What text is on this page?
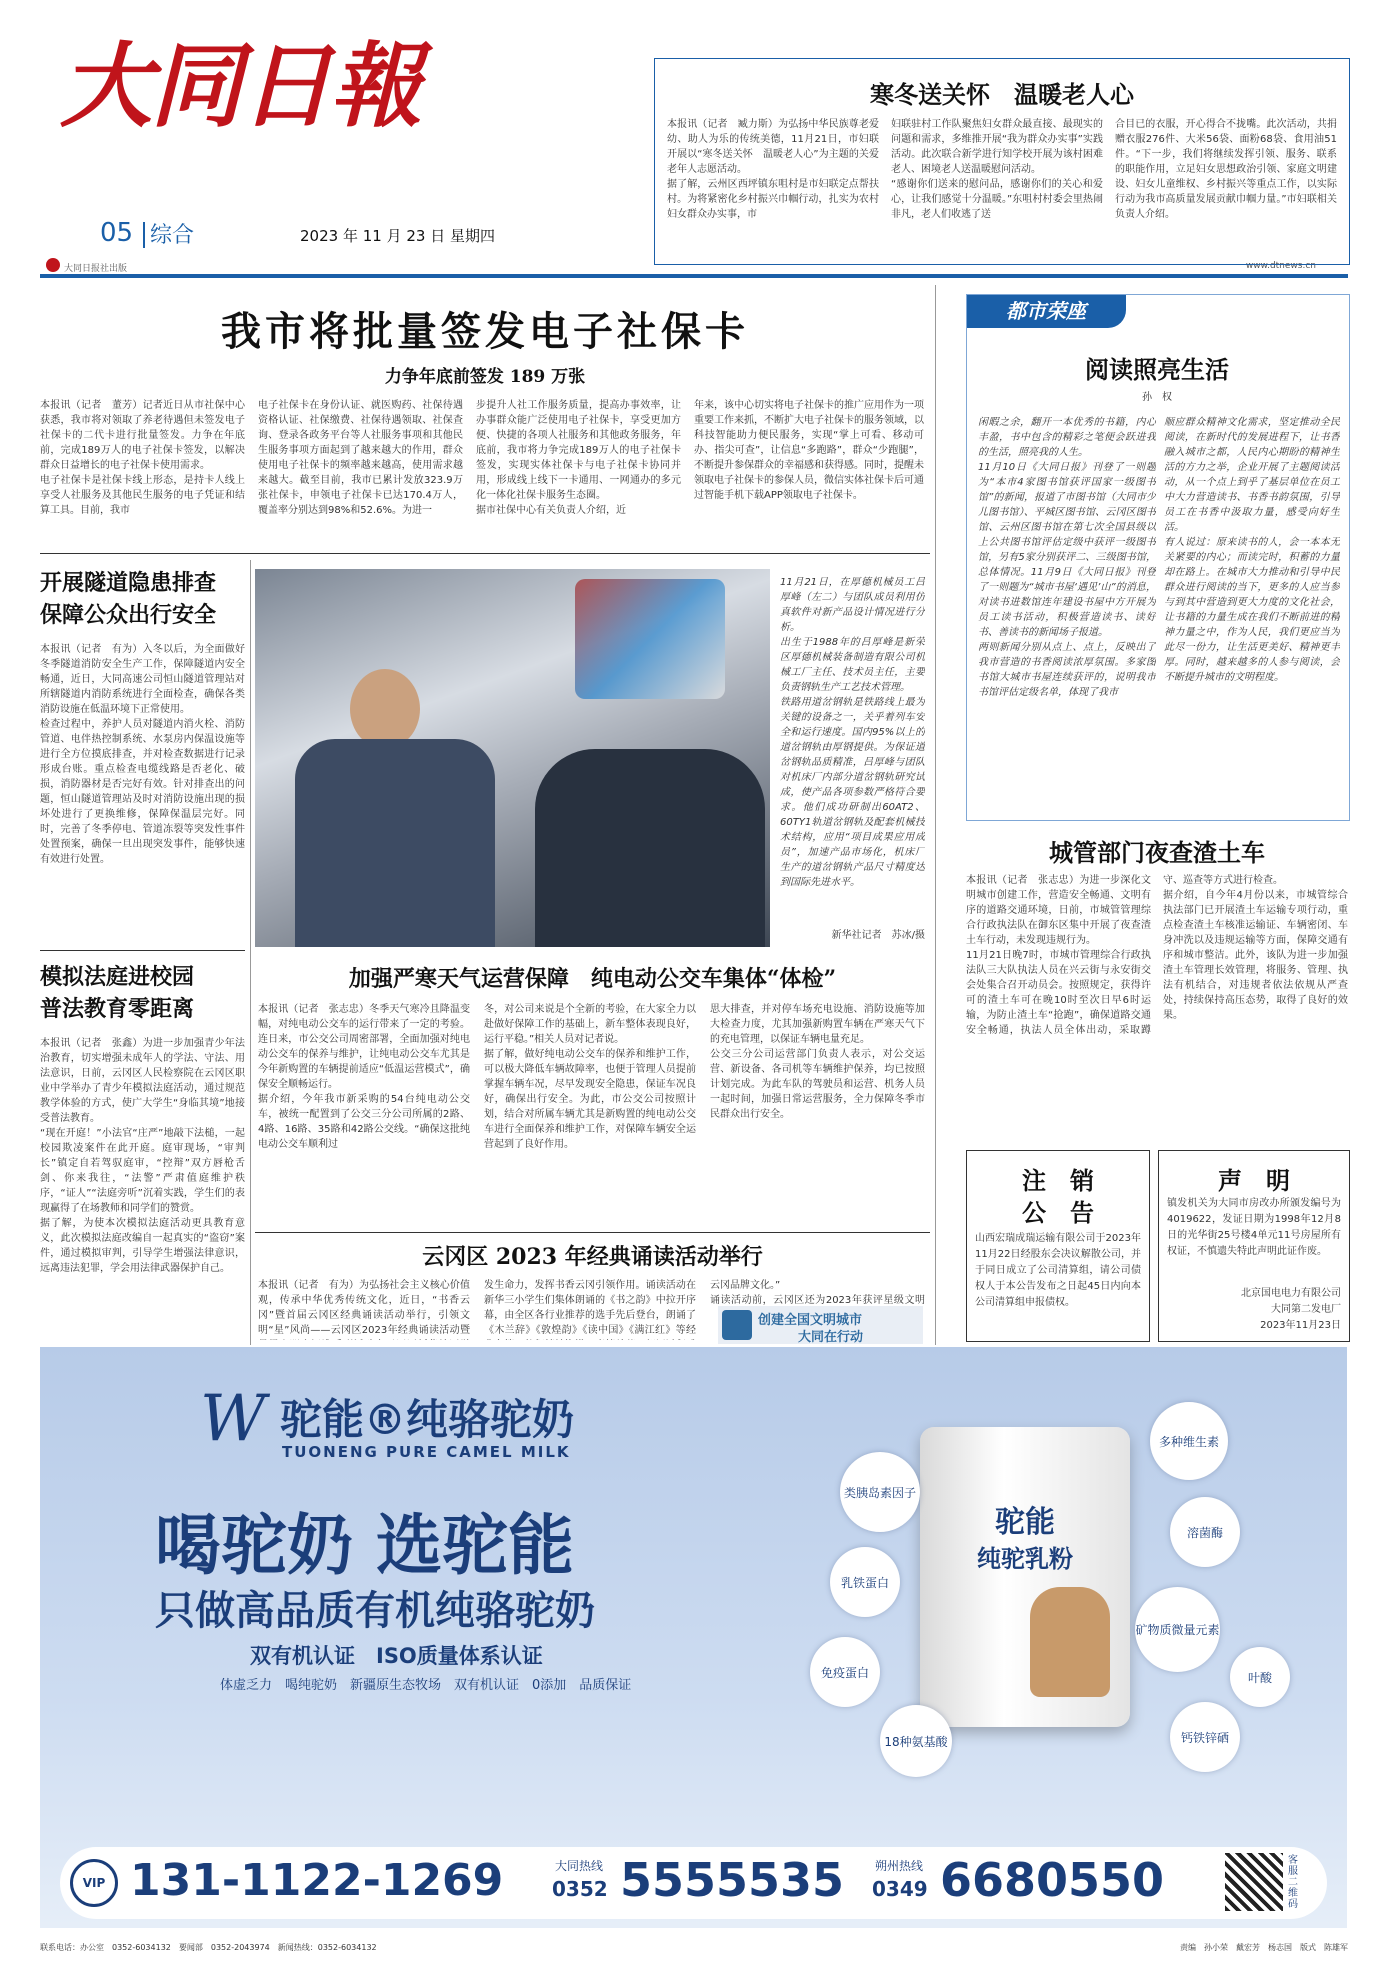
大同日報
05 综合	2023 年 11 月 23 日 星期四
大同日报社出版	www.dtnews.cn
寒冬送关怀　温暖老人心
本报讯（记者　臧力斯）为弘扬中华民族尊老爱幼、助人为乐的传统美德，11月21日，市妇联开展以“寒冬送关怀　温暖老人心”为主题的关爱老年人志愿活动。
据了解，云州区西坪镇东咀村是市妇联定点帮扶村。为将紧密化乡村振兴巾帼行动，扎实为农村妇女群众办实事，市
妇联驻村工作队聚焦妇女群众最直接、最现实的问题和需求，多维推开展“我为群众办实事”实践活动。此次联合新学进行知学校开展为该村困难老人、困境老人送温暖慰问活动。
“感谢你们送来的慰问品，感谢你们的关心和爱心，让我们感觉十分温暖。”东咀村村委会里热闹非凡，老人们收逃了送
合目已的衣服，开心得合不拢嘴。此次活动，共捐赠衣服276件、大米56袋、面粉68袋、食用油51件。“下一步，我们将继续发挥引领、服务、联系的职能作用，立足妇女思想政治引领、家庭文明建设、妇女儿童维权、乡村振兴等重点工作，以实际行动为我市高质量发展贡献巾帼力量。”市妇联相关负责人介绍。
我市将批量签发电子社保卡
力争年底前签发 189 万张
本报讯（记者　董芳）记者近日从市社保中心获悉，我市将对领取了养老待遇但未签发电子社保卡的二代卡进行批量签发。力争在年底前，完成189万人的电子社保卡签发，以解决群众日益增长的电子社保卡使用需求。
电子社保卡是社保卡线上形态，是持卡人线上享受人社服务及其他民生服务的电子凭证和结算工具。目前，我市
电子社保卡在身份认证、就医购药、社保待遇资格认证、社保缴费、社保待遇领取、社保查询、登录各政务平台等人社服务事项和其他民生服务事项方面起到了越来越大的作用，群众使用电子社保卡的频率越来越高，使用需求越来越大。截至目前，我市已累计发放323.9万张社保卡，申领电子社保卡已达170.4万人，覆盖率分别达到98%和52.6%。为进一
步提升人社工作服务质量，提高办事效率，让办事群众能广泛使用电子社保卡，享受更加方便、快捷的各项人社服务和其他政务服务，年底前，我市将力争完成189万人的电子社保卡签发，实现实体社保卡与电子社保卡协同并用，形成线上线下一卡通用、一网通办的多元化一体化社保卡服务生态圈。
据市社保中心有关负责人介绍，近
年来，该中心切实将电子社保卡的推广应用作为一项重要工作来抓，不断扩大电子社保卡的服务领域，以科技智能助力便民服务，实现“掌上可看、移动可办、指尖可查”，让信息“多跑路”，群众“少跑腿”，不断提升参保群众的幸福感和获得感。同时，提醒未领取电子社保卡的参保人员，微信实体社保卡后可通过智能手机下载APP领取电子社保卡。
开展隧道隐患排查
保障公众出行安全
本报讯（记者　有为）入冬以后，为全面做好冬季隧道消防安全生产工作，保障隧道内安全畅通，近日，大同高速公司恒山隧道管理站对所辖隧道内消防系统进行全面检查，确保各类消防设施在低温环境下正常使用。
检查过程中，养护人员对隧道内消火栓、消防管道、电伴热控制系统、水泵房内保温设施等进行全方位摸底排查，并对检查数据进行记录形成台账。重点检查电缆线路是否老化、破损，消防器材是否完好有效。针对排查出的问题，恒山隧道管理站及时对消防设施出现的损坏处进行了更换维修，保障保温层完好。同时，完善了冬季停电、管道冻裂等突发性事件处置预案，确保一旦出现突发事件，能够快速有效进行处置。
11月21日，在厚德机械员工吕厚峰（左二）与团队成员利用仿真软件对新产品设计情况进行分析。
出生于1988年的吕厚峰是新荣区厚德机械装备制造有限公司机械工厂主任、技术员主任，主要负责钢轨生产工艺技术管理。
铁路用道岔钢轨是铁路线上最为关键的设备之一，关乎着列车安全和运行速度。国内95%以上的道岔钢轨由厚钢提供。为保证道岔钢轨品质精准，吕厚峰与团队对机床厂内部分道岔钢轨研究试成，使产品各项参数严格符合要求。他们成功研制出60AT2、60TY1轨道岔钢轨及配套机械技术结构，应用“项目成果应用成员”，加速产品市场化，机床厂生产的道岔钢轨产品尺寸精度达到国际先进水平。
新华社记者　苏冰/摄
都市荣座
阅读照亮生活
孙　权
闲暇之余，翻开一本优秀的书籍，内心丰盈，书中包含的精彩之笔便会跃进我的生活，照亮我的人生。
11月10日《大同日报》刊登了一则题为“本市4家图书馆获评国家一级图书馆”的新闻，报道了市图书馆（大同市少儿图书馆）、平城区图书馆、云冈区图书馆、云州区图书馆在第七次全国县级以上公共图书馆评估定级中获评一级图书馆，另有5家分别获评二、三级图书馆，总体情况。11月9日《大同日报》刊登了一则题为“城市书屋‘遇见’山”的消息，对读书进数馆连年建设书屋中方开展为员工读书活动，积极营造读书、读好书、善读书的新闻场子报道。
两则新闻分别从点上、点上，反映出了我市营造的书香阅读浓厚氛围。多家图书馆大城市书屋连续获评的，说明我市书馆评估定级名单，体现了我市
顺应群众精神文化需求，坚定推动全民阅读，在新时代的发展进程下，让书香融入城市之都，人民内心期盼的精神生活的方力之举，企业开展了主题阅读活动，从一个点上到乎了基层单位在员工中大力营造读书、书香书韵氛围，引导员工在书香中汲取力量，感受向好生活。
有人说过：原来读书的人，会一本本无关紧要的内心；而读完时，积蓄的力量却在路上。在城市大力推动和引导中民群众进行阅读的当下，更多的人应当参与到其中营造到更大力度的文化社会，让书籍的力量生成在我们不断前进的精神力量之中，作为人民，我们更应当为此尽一份力，让生活更美好、精神更丰厚。同时，越来越多的人参与阅读，会不断提升城市的文明程度。
城管部门夜查渣土车
本报讯（记者　张志忠）为进一步深化文明城市创建工作，营造安全畅通、文明有序的道路交通环境，日前，市城管管理综合行政执法队在御东区集中开展了夜查渣土车行动，未发现违规行为。
11月21日晚7时，市城市管理综合行政执法队三大队执法人员在兴云街与永安街交会处集合召开动员会。按照规定，获得许可的渣土车可在晚10时至次日早6时运输，为防止渣土车“抢跑”，确保道路交通安全畅通，执法人员全体出动，采取蹲守、巡查等方式进行检查。
据介绍，自今年4月份以来，市城管综合执法部门已开展渣土车运输专项行动，重点检查渣土车核准运输证、车辆密闭、车身冲洗以及违规运输等方面，保障交通有序和城市整洁。此外，该队为进一步加强渣土车管理长效管理，将服务、管理、执法有机结合，对违规者依法依规从严查处，持续保持高压态势，取得了良好的效果。
模拟法庭进校园
普法教育零距离
本报讯（记者　张鑫）为进一步加强青少年法治教育，切实增强未成年人的学法、守法、用法意识，日前，云冈区人民检察院在云冈区职业中学举办了青少年模拟法庭活动，通过规范教学体验的方式，使广大学生“身临其境”地接受普法教育。
“现在开庭！”小法官“庄严”地敲下法槌，一起校园欺凌案件在此开庭。庭审现场，“审判长”镇定自若驾驭庭审，“控辩”双方唇枪舌剑、你来我往，“法警”严肃值庭维护秩序，“证人”“法庭旁听”沉着实践，学生们的表现赢得了在场教师和同学们的赞赏。
据了解，为使本次模拟法庭活动更具教育意义，此次模拟法庭改编自一起真实的“盗窃”案件，通过模拟审判，引导学生增强法律意识，远离违法犯罪，学会用法律武器保护自己。
加强严寒天气运营保障　纯电动公交车集体“体检”
本报讯（记者　张志忠）冬季天气寒冷且降温变幅，对纯电动公交车的运行带来了一定的考验。连日来，市公交公司周密部署，全面加强对纯电动公交车的保养与维护，让纯电动公交车尤其是今年新购置的车辆提前适应“低温运营模式”，确保安全顺畅运行。
据介绍，今年我市新采购的54台纯电动公交车，被统一配置到了公交三分公司所属的2路、4路、16路、35路和42路公交线。“确保这批纯电动公交车顺利过
冬，对公司来说是个全新的考验，在大家全力以赴做好保障工作的基础上，新车整体表现良好，运行平稳。”相关人员对记者说。
据了解，做好纯电动公交车的保养和维护工作，可以极大降低车辆故障率，也便于管理人员提前掌握车辆车况，尽早发现安全隐患，保证车况良好，确保出行安全。为此，市公交公司按照计划，结合对所属车辆尤其是新购置的纯电动公交车进行全面保养和维护工作，对保障车辆安全运营起到了良好作用。
思大排查，并对停车场充电设施、消防设施等加大检查力度，尤其加强新购置车辆在严寒天气下的充电管理，以保证车辆电量充足。
公交三分公司运营部门负责人表示，对公交运营、新设备、各司机等车辆维护保养，均已按照计划完成。为此车队的驾驶员和运营、机务人员一起时间，加强日常运营服务，全力保障冬季市民群众出行安全。
云冈区 2023 年经典诵读活动举行
本报讯（记者　有为）为弘扬社会主义核心价值观，传承中华优秀传统文化，近日，“书香云冈”暨首届云冈区经典诵读活动举行，引领文明“星”风尚——云冈区2023年经典诵读活动暨

发生命力，发挥书香云冈引领作用。诵读活动在新华三小学生们集体朗诵的《书之韵》中拉开序幕，由全区各行业推荐的选手先后登台，朗诵了《木兰辞》《敦煌韵》《读中国》《满江红》等经
云冈品牌文化。”
诵读活动前，云冈区还为2023年获评星级文明
创建全国文明城市
大同在行动
注　销
公　告
山西宏瑞成瑞运输有限公司于2023年11月22日经股东会决议解散公司，并于同日成立了公司清算组，请公司债权人于本公告发布之日起45日内向本公司清算组申报债权。
声　明
镇发机关为大同市房改办所颁发编号为4019622，发证日期为1998年12月8日的光华街25号楼4单元11号房屋所有权证，不慎遗失特此声明此证作废。
北京国电电力有限公司
大同第二发电厂
2023年11月23日
W 驼能®纯骆驼奶
TUONENG PURE CAMEL MILK
喝驼奶 选驼能
只做高品质有机纯骆驼奶
双有机认证　ISO质量体系认证
体虚乏力　喝纯驼奶　新疆原生态牧场　双有机认证　0添加　品质保证
驼能
纯驼乳粉
类胰岛素因子
乳铁蛋白
免疫蛋白
18种氨基酸
多种维生素
溶菌酶
矿物质微量元素
叶酸
钙铁锌硒
VIP 131-1122-1269	大同热线
0352 5555535	朔州热线
0349 6680550	客服二维码
联系电话：办公室　0352-6034132　要闻部　0352-2043974　新闻热线：0352-6034132	责编　孙小荣　戴宏芳　杨志国　版式　陈雄军
